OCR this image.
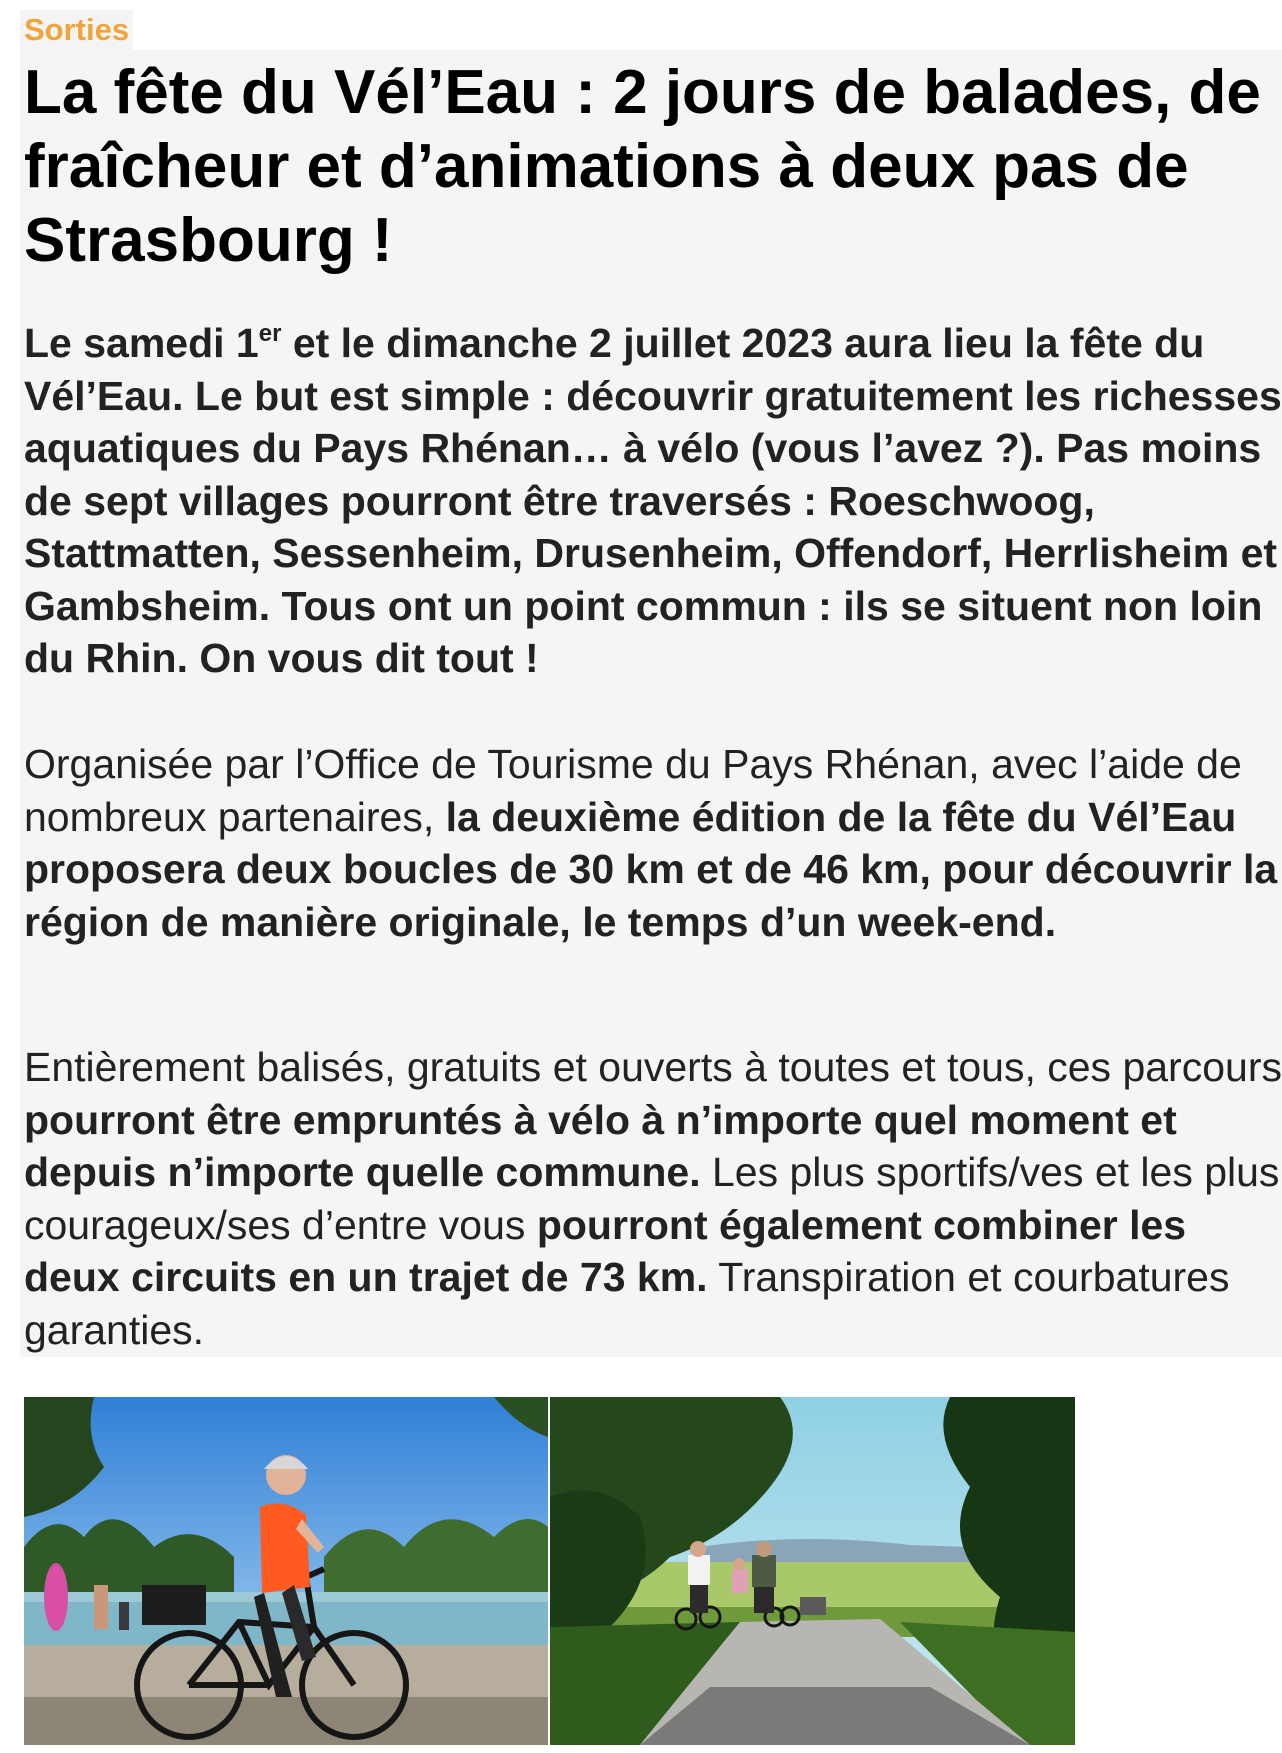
Sorties
La fête du Vél’Eau : 2 jours de balades, de fraîcheur et d’animations à deux pas de Strasbourg !

Le samedi 1er et le dimanche 2 juillet 2023 aura lieu la fête du Vél’Eau. Le but est simple : découvrir gratuitement les richesses aquatiques du Pays Rhénan… à vélo (vous l’avez ?). Pas moins de sept villages pourront être traversés : Roeschwoog, Stattmatten, Sessenheim, Drusenheim, Offendorf, Herrlisheim et Gambsheim. Tous ont un point commun : ils se situent non loin du Rhin. On vous dit tout !

Organisée par l’Office de Tourisme du Pays Rhénan, avec l’aide de nombreux partenaires, la deuxième édition de la fête du Vél’Eau proposera deux boucles de 30 km et de 46 km, pour découvrir la région de manière originale, le temps d’un week-end.

Entièrement balisés, gratuits et ouverts à toutes et tous, ces parcours pourront être empruntés à vélo à n’importe quel moment et depuis n’importe quelle commune. Les plus sportifs/ves et les plus courageux/ses d’entre vous pourront également combiner les deux circuits en un trajet de 73 km. Transpiration et courbatures garanties.
